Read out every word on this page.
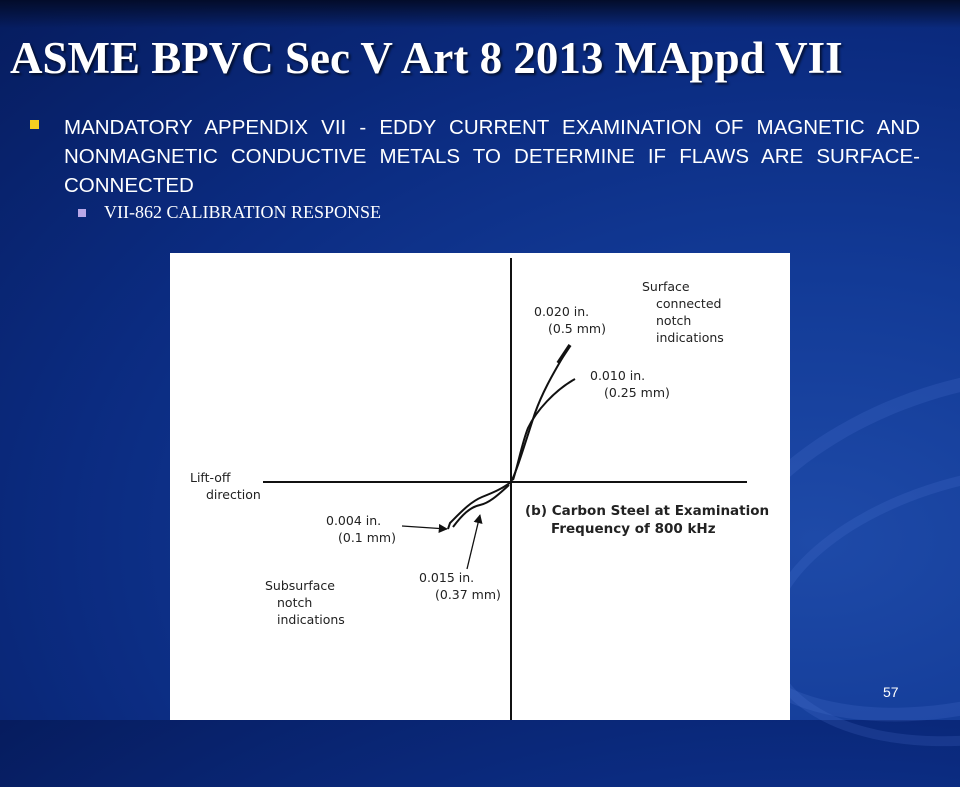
ASME BPVC Sec V Art 8 2013 MAppd VII
MANDATORY APPENDIX VII - EDDY CURRENT EXAMINATION OF MAGNETIC AND NONMAGNETIC CONDUCTIVE METALS TO DETERMINE IF FLAWS ARE SURFACE-CONNECTED
VII-862 CALIBRATION RESPONSE
Lift-off
direction
Surface
connected
notch
indications
0.020 in.
(0.5 mm)
0.010 in.
(0.25 mm)
0.004 in.
(0.1 mm)
0.015 in.
(0.37 mm)
Subsurface
notch
indications
(b) Carbon Steel at Examination
Frequency of 800 kHz
57
